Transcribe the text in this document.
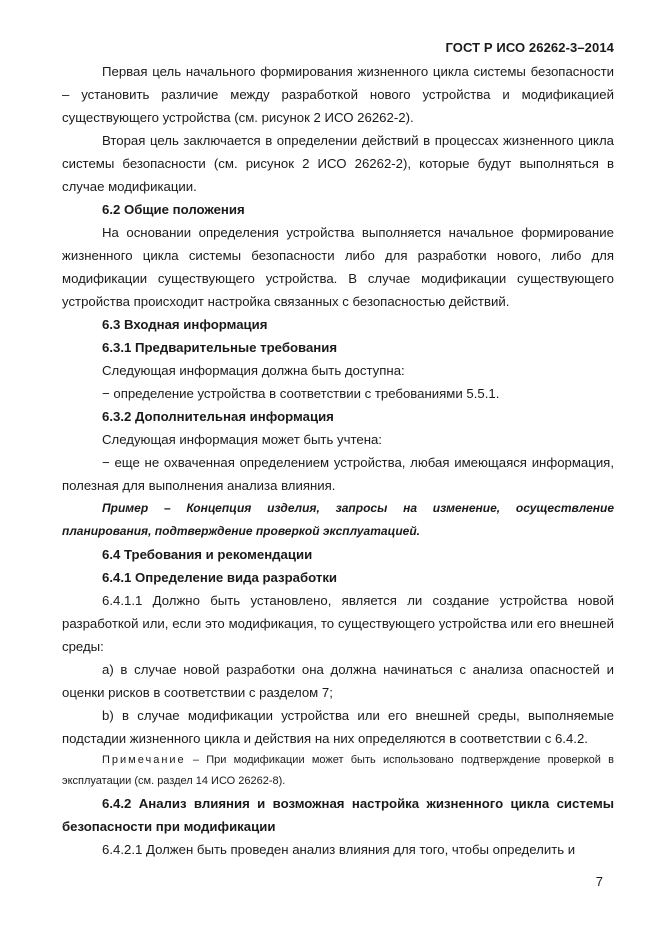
ГОСТ Р ИСО 26262-3–2014

Первая цель начального формирования жизненного цикла системы безопасности – установить различие между разработкой нового устройства и модификацией существующего устройства (см. рисунок 2 ИСО 26262-2).

Вторая цель заключается в определении действий в процессах жизненного цикла системы безопасности (см. рисунок 2 ИСО 26262-2), которые будут выполняться в случае модификации.

6.2 Общие положения

На основании определения устройства выполняется начальное формирование жизненного цикла системы безопасности либо для разработки нового, либо для модификации существующего устройства. В случае модификации существующего устройства происходит настройка связанных с безопасностью действий.

6.3 Входная информация

6.3.1 Предварительные требования

Следующая информация должна быть доступна:

− определение устройства в соответствии с требованиями 5.5.1.

6.3.2 Дополнительная информация

Следующая информация может быть учтена:

− еще не охваченная определением устройства, любая имеющаяся информация, полезная для выполнения анализа влияния.

Пример – Концепция изделия, запросы на изменение, осуществление планирования, подтверждение проверкой эксплуатацией.

6.4 Требования и рекомендации

6.4.1 Определение вида разработки

6.4.1.1 Должно быть установлено, является ли создание устройства новой разработкой или, если это модификация, то существующего устройства или его внешней среды:

a) в случае новой разработки она должна начинаться с анализа опасностей и оценки рисков в соответствии с разделом 7;

b) в случае модификации устройства или его внешней среды, выполняемые подстадии жизненного цикла и действия на них определяются в соответствии с 6.4.2.

Примечание – При модификации может быть использовано подтверждение проверкой в эксплуатации (см. раздел 14 ИСО 26262-8).

6.4.2 Анализ влияния и возможная настройка жизненного цикла системы безопасности при модификации

6.4.2.1 Должен быть проведен анализ влияния для того, чтобы определить и

7
